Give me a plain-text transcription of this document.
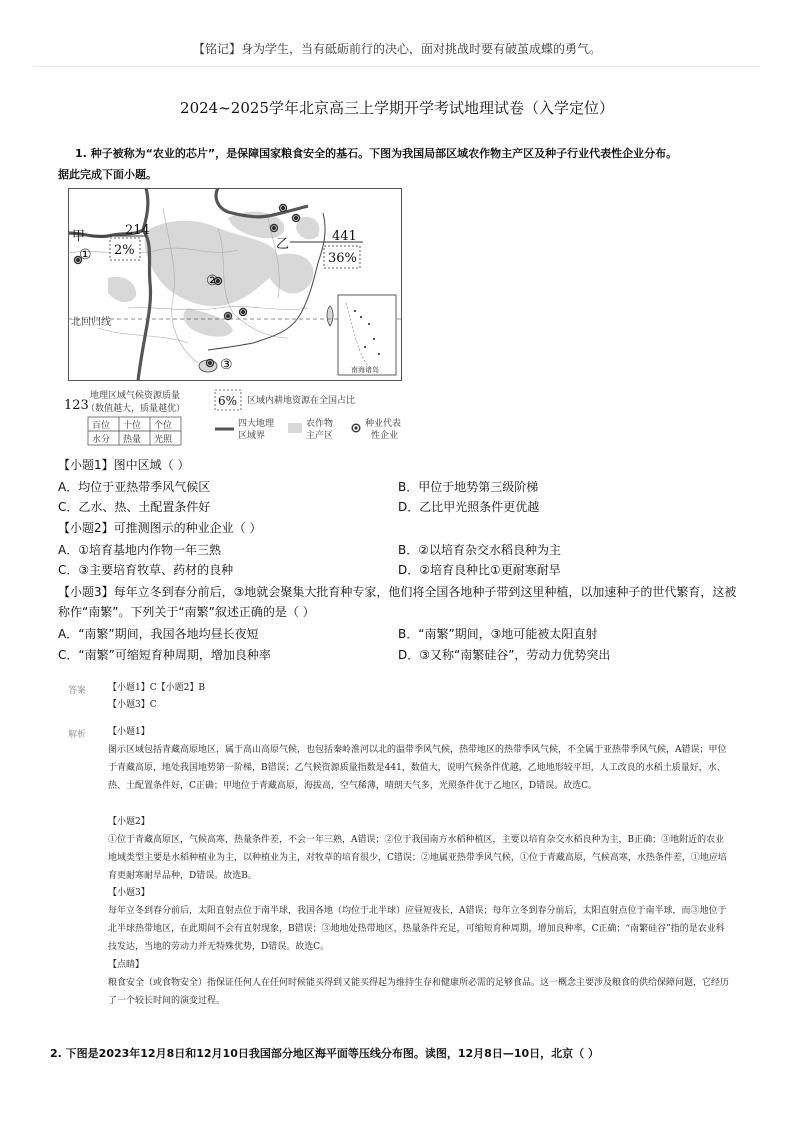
【铭记】身为学生，当有砥砺前行的决心，面对挑战时要有破茧成蝶的勇气。
2024~2025学年北京高三上学期开学考试地理试卷（入学定位）
1. 种子被称为“农业的芯片”，是保障国家粮食安全的基石。下图为我国局部区域农作物主产区及种子行业代表性企业分布。
据此完成下面小题。
甲	214
2%	乙
441
36%
①
②
③
北回归线
南海诸岛
123
地理区域气候资源质量
（数值越大，质量越优）
百位 十位 个位
水分 热量 光照
6% 区域内耕地资源在全国占比
四大地理
区域界
农作物
主产区
种业代表
性企业
【小题1】图中区域（ ）
A．均位于亚热带季风气候区	B．甲位于地势第三级阶梯
C．乙水、热、土配置条件好	D．乙比甲光照条件更优越
【小题2】可推测图示的种业企业（ ）
A．①培育基地内作物一年三熟	B．②以培育杂交水稻良种为主
C．③主要培育牧草、药材的良种	D．②培育良种比①更耐寒耐旱
【小题3】每年立冬到春分前后，③地就会聚集大批育种专家，他们将全国各地种子带到这里种植，以加速种子的世代繁育，这被
称作“南繁”。下列关于“南繁”叙述正确的是（ ）
A．“南繁”期间，我国各地均昼长夜短	B．“南繁”期间，③地可能被太阳直射
C．“南繁”可缩短育种周期，增加良种率	D．③又称“南繁硅谷”，劳动力优势突出
答案 【小题1】C【小题2】B
【小题3】C
解析 【小题1】
图示区域包括青藏高原地区，属于高山高原气候，也包括秦岭淮河以北的温带季风气候，热带地区的热带季风气候，不全属于亚热带季风气候，A错误；甲位于青藏高原，地处我国地势第一阶梯，B错误；乙气候资源质量指数是441，数值大，说明气候条件优越，乙地地形较平坦，人工改良的水稻土质量好，水、热、土配置条件好，C正确；甲地位于青藏高原，海拔高，空气稀薄，晴朗天气多，光照条件优于乙地区，D错误。故选C。
【小题2】
①位于青藏高原区，气候高寒，热量条件差，不会一年三熟，A错误；②位于我国南方水稻种植区，主要以培育杂交水稻良种为主，B正确；③地附近的农业地域类型主要是水稻种植业为主，以种植业为主，对牧草的培育很少，C错误；②地属亚热带季风气候，①位于青藏高原，气候高寒，水热条件差，①地应培育更耐寒耐旱品种，D错误。故选B。
【小题3】
每年立冬到春分前后，太阳直射点位于南半球，我国各地（均位于北半球）应昼短夜长，A错误；每年立冬到春分前后，太阳直射点位于南半球，而③地位于北半球热带地区，在此期间不会有直射现象，B错误；③地地处热带地区，热量条件充足，可缩短育种周期，增加良种率，C正确；“南繁硅谷”指的是农业科技发达，当地的劳动力并无特殊优势，D错误。故选C。
【点睛】
粮食安全（或食物安全）指保证任何人在任何时候能买得到又能买得起为维持生存和健康所必需的足够食品。这一概念主要涉及粮食的供给保障问题，它经历了一个较长时间的演变过程。
2. 下图是2023年12月8日和12月10日我国部分地区海平面等压线分布图。读图，12月8日—10日，北京（ ）
